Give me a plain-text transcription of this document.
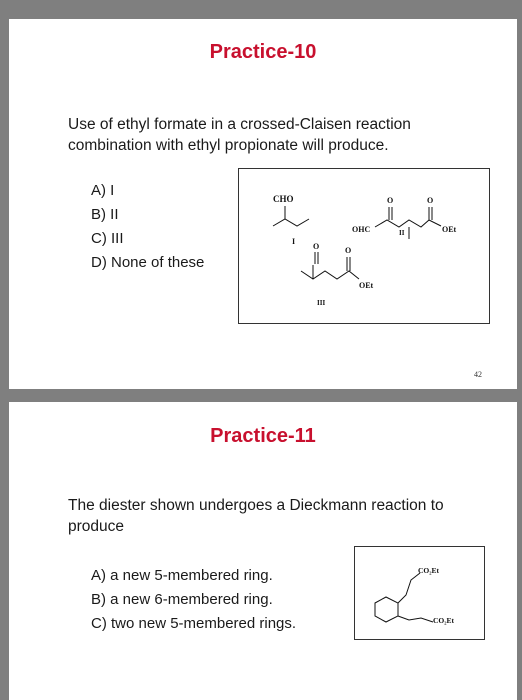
Practice-10
Use of ethyl formate in a crossed-Claisen reaction combination with ethyl propionate will produce.
A) I
B) II
C) III
D) None of these
CHO
I
O	O
OHC	OEt
II
O	O
OEt
III
42
Practice-11
The diester shown undergoes a Dieckmann reaction to produce
A) a new 5-membered ring.
B) a new 6-membered ring.
C) two new 5-membered rings.
CO₂Et
CO₂Et
